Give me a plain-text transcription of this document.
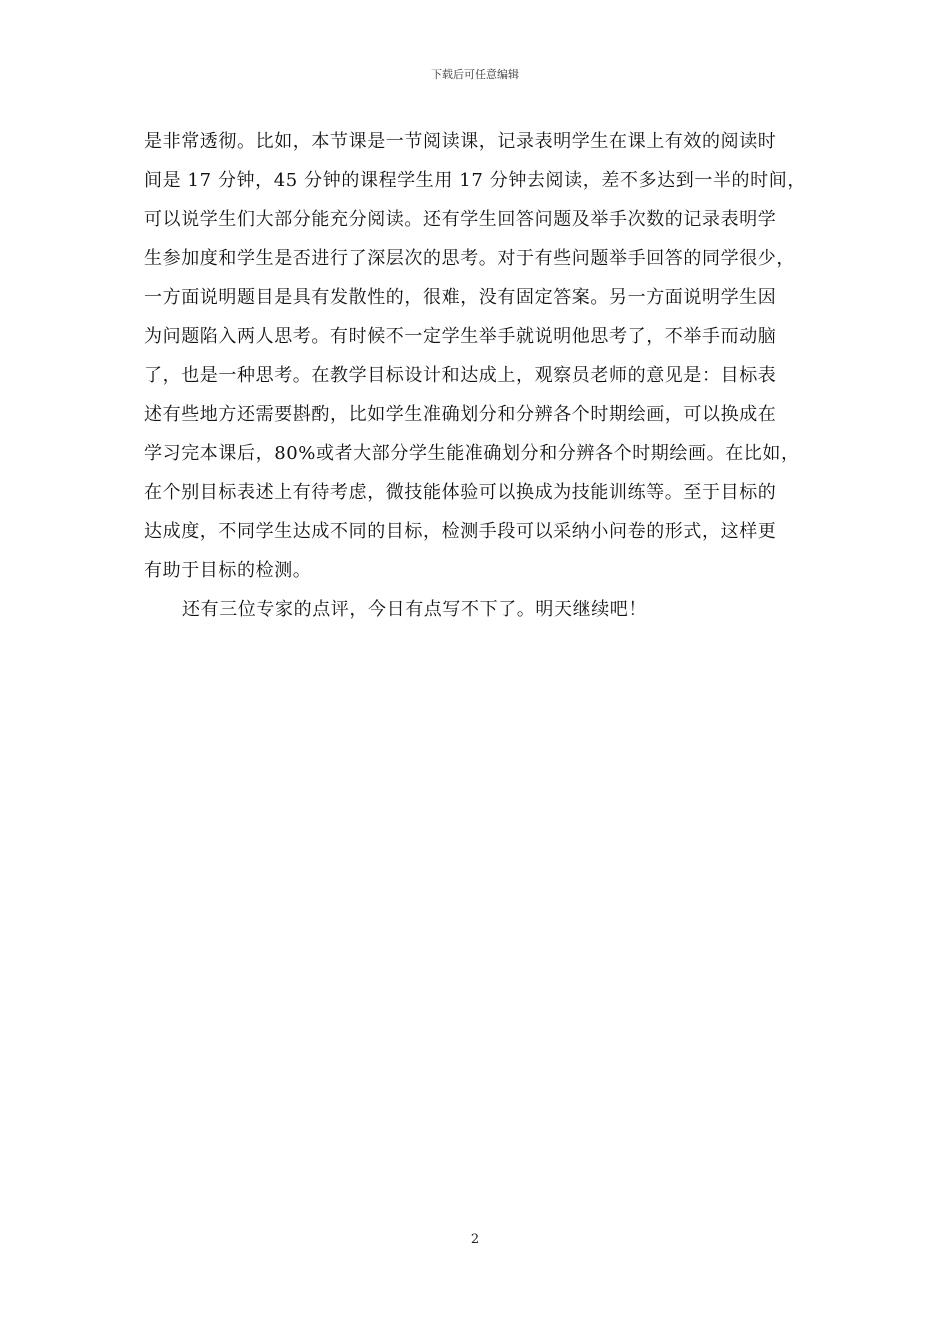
下载后可任意编辑
是非常透彻。比如，本节课是一节阅读课，记录表明学生在课上有效的阅读时
间是 17 分钟，45 分钟的课程学生用 17 分钟去阅读，差不多达到一半的时间，
可以说学生们大部分能充分阅读。还有学生回答问题及举手次数的记录表明学
生参加度和学生是否进行了深层次的思考。对于有些问题举手回答的同学很少，
一方面说明题目是具有发散性的，很难，没有固定答案。另一方面说明学生因
为问题陷入两人思考。有时候不一定学生举手就说明他思考了，不举手而动脑
了，也是一种思考。在教学目标设计和达成上，观察员老师的意见是：目标表
述有些地方还需要斟酌，比如学生准确划分和分辨各个时期绘画，可以换成在
学习完本课后，80%或者大部分学生能准确划分和分辨各个时期绘画。在比如，
在个别目标表述上有待考虑，微技能体验可以换成为技能训练等。至于目标的
达成度，不同学生达成不同的目标，检测手段可以采纳小问卷的形式，这样更
有助于目标的检测。
还有三位专家的点评，今日有点写不下了。明天继续吧！
2
